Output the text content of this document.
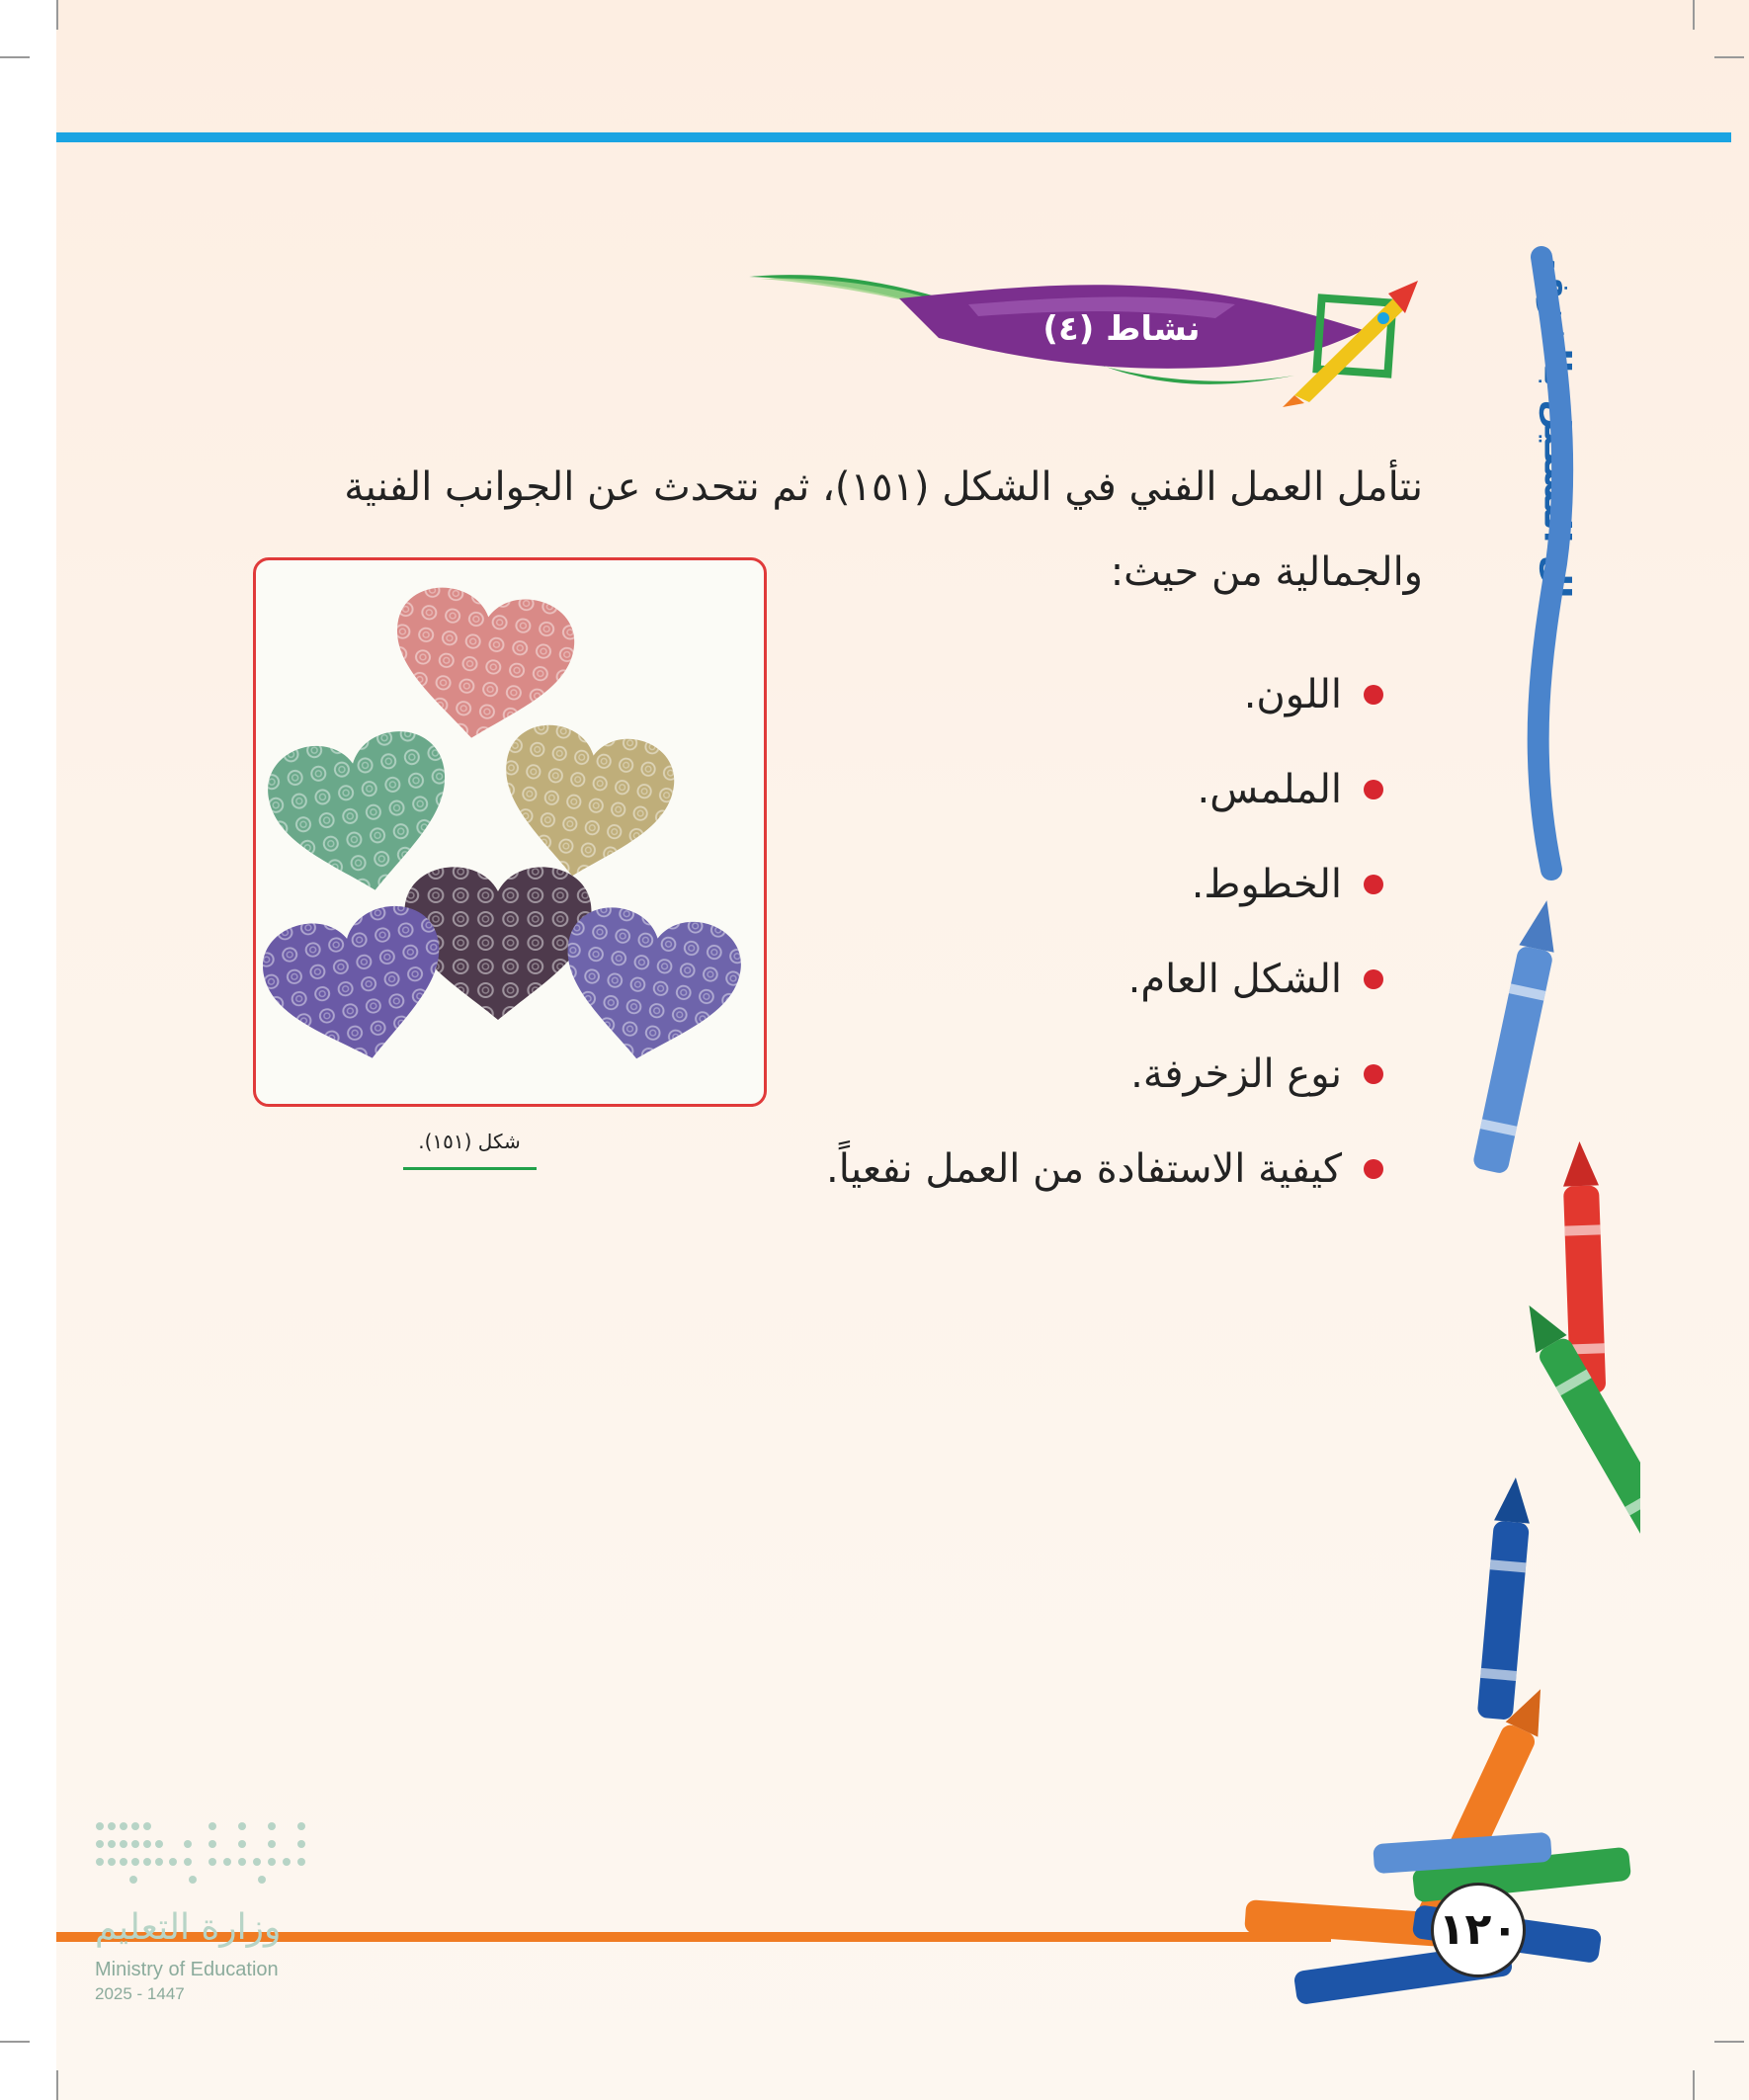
نشاط (٤)
نتأمل العمل الفني في الشكل (١٥١)، ثم نتحدث عن الجوانب الفنية
والجمالية من حيث:
اللون.
الملمس.
الخطوط.
الشكل العام.
نوع الزخرفة.
كيفية الاستفادة من العمل نفعياً.
شكل (١٥١).
مجال التشكيل بالخزف
١٢٠
وزارة التعليم
Ministry of Education
2025 - 1447
